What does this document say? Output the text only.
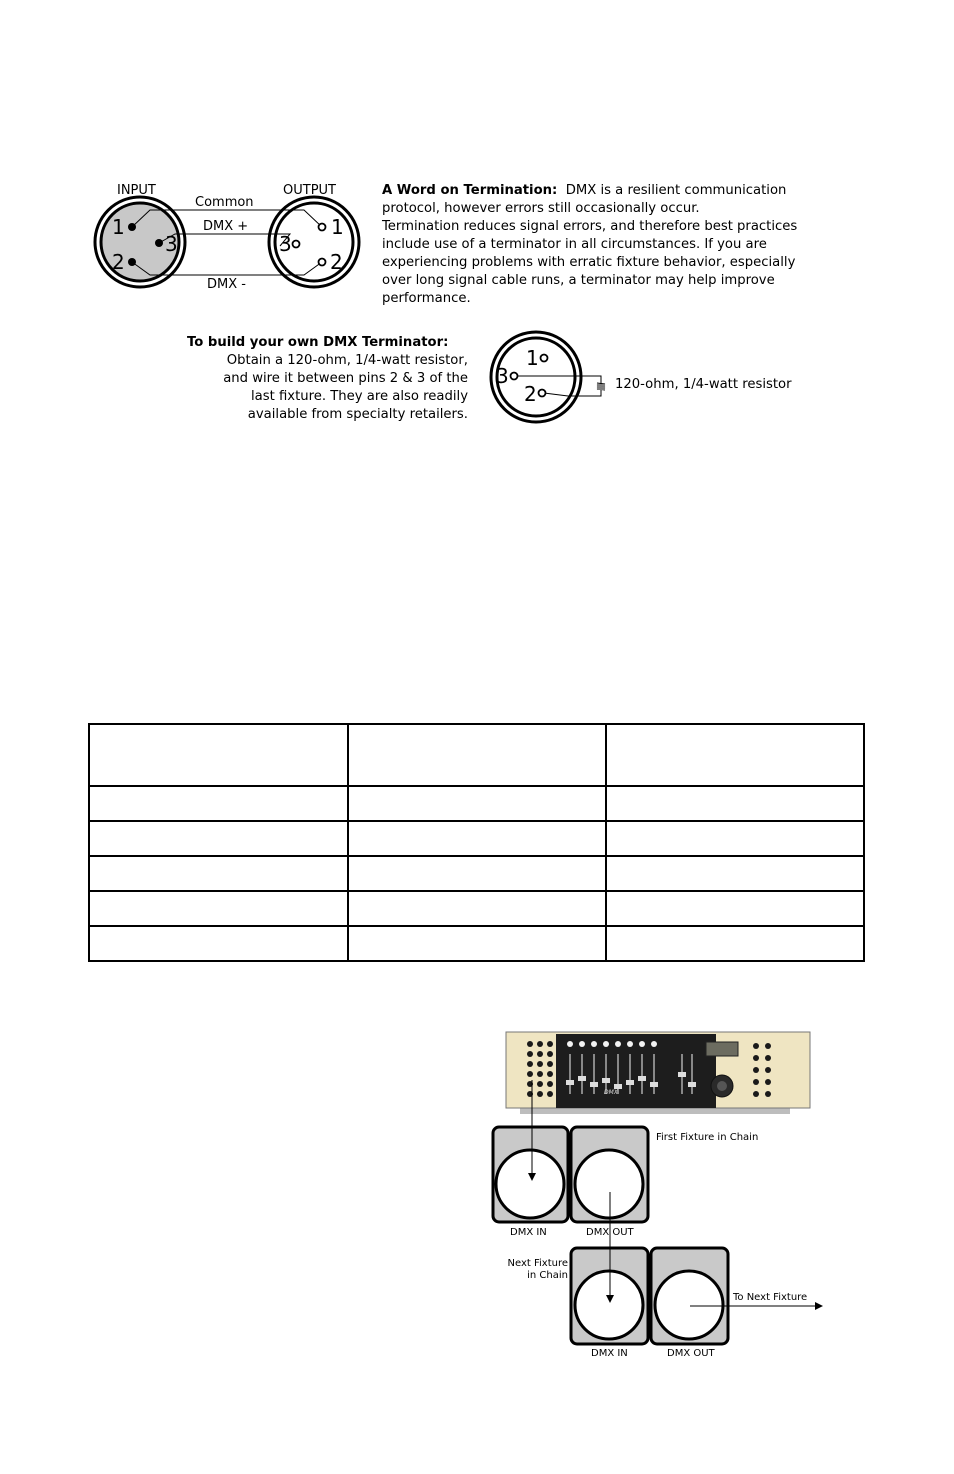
INPUT	OUTPUT
Common
DMX +
DMX -
1
2
3
1
2
3
A Word on Termination: DMX is a resilient communication
protocol, however errors still occasionally occur.
Termination reduces signal errors, and therefore best practices
include use of a terminator in all circumstances. If you are
experiencing problems with erratic fixture behavior, especially
over long signal cable runs, a terminator may help improve
performance.
To build your own DMX Terminator:
Obtain a 120-ohm, 1/4-watt resistor,
and wire it between pins 2 & 3 of the
last fixture. They are also readily
available from specialty retailers.
1
2
3	120-ohm, 1/4-watt resistor

DMX
First Fixture in Chain
DMX IN	DMX OUT
Next Fixture
in Chain
DMX IN	DMX OUT
To Next Fixture
